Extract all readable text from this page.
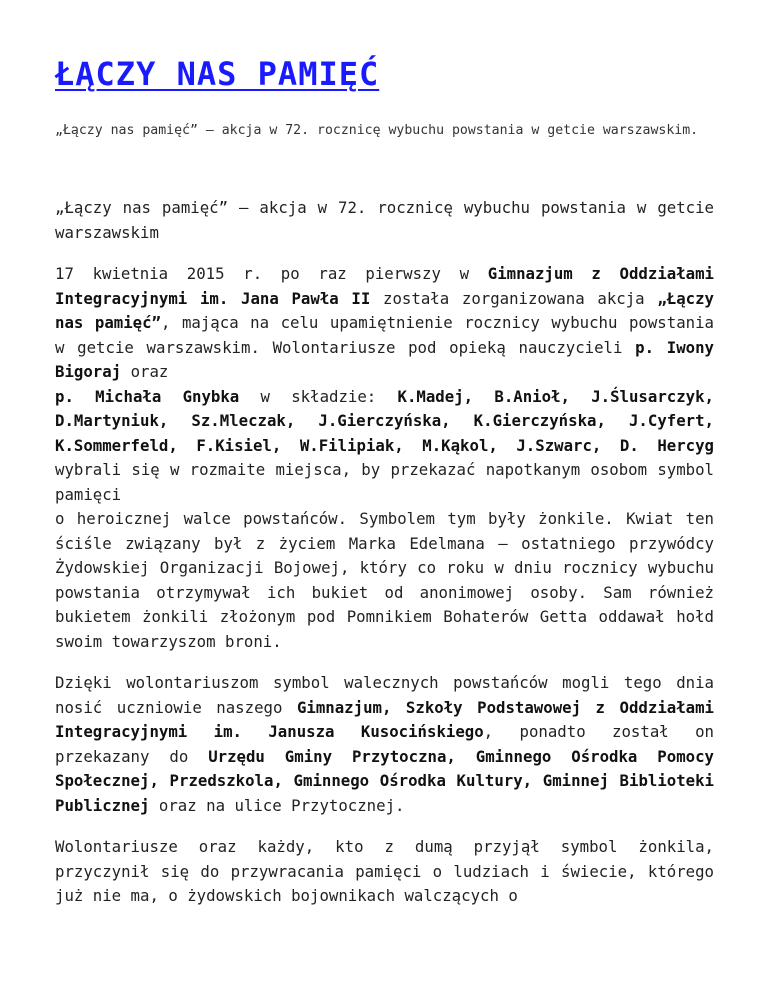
ŁĄCZY NAS PAMIĘĆ

„Łączy nas pamięć” – akcja w 72. rocznicę wybuchu powstania w getcie warszawskim.

„Łączy nas pamięć” – akcja w 72. rocznicę wybuchu powstania w getcie warszawskim

17 kwietnia 2015 r. po raz pierwszy w Gimnazjum z Oddziałami Integracyjnymi im. Jana Pawła II została zorganizowana akcja „Łączy nas pamięć”, mająca na celu upamiętnienie rocznicy wybuchu powstania w getcie warszawskim. Wolontariusze pod opieką nauczycieli p. Iwony Bigoraj oraz
p. Michała Gnybka w składzie: K.Madej, B.Anioł, J.Ślusarczyk, D.Martyniuk, Sz.Mleczak, J.Gierczyńska, K.Gierczyńska, J.Cyfert, K.Sommerfeld, F.Kisiel, W.Filipiak, M.Kąkol, J.Szwarc, D. Hercyg wybrali się w rozmaite miejsca, by przekazać napotkanym osobom symbol pamięci
o heroicznej walce powstańców. Symbolem tym były żonkile. Kwiat ten ściśle związany był z życiem Marka Edelmana – ostatniego przywódcy Żydowskiej Organizacji Bojowej, który co roku w dniu rocznicy wybuchu powstania otrzymywał ich bukiet od anonimowej osoby. Sam również bukietem żonkili złożonym pod Pomnikiem Bohaterów Getta oddawał hołd swoim towarzyszom broni.

Dzięki wolontariuszom symbol walecznych powstańców mogli tego dnia nosić uczniowie naszego Gimnazjum, Szkoły Podstawowej z Oddziałami Integracyjnymi im. Janusza Kusocińskiego, ponadto został on przekazany do Urzędu Gminy Przytoczna, Gminnego Ośrodka Pomocy Społecznej, Przedszkola, Gminnego Ośrodka Kultury, Gminnej Biblioteki Publicznej oraz na ulice Przytocznej.

Wolontariusze oraz każdy, kto z dumą przyjął symbol żonkila, przyczynił się do przywracania pamięci o ludziach i świecie, którego już nie ma, o żydowskich bojownikach walczących o
